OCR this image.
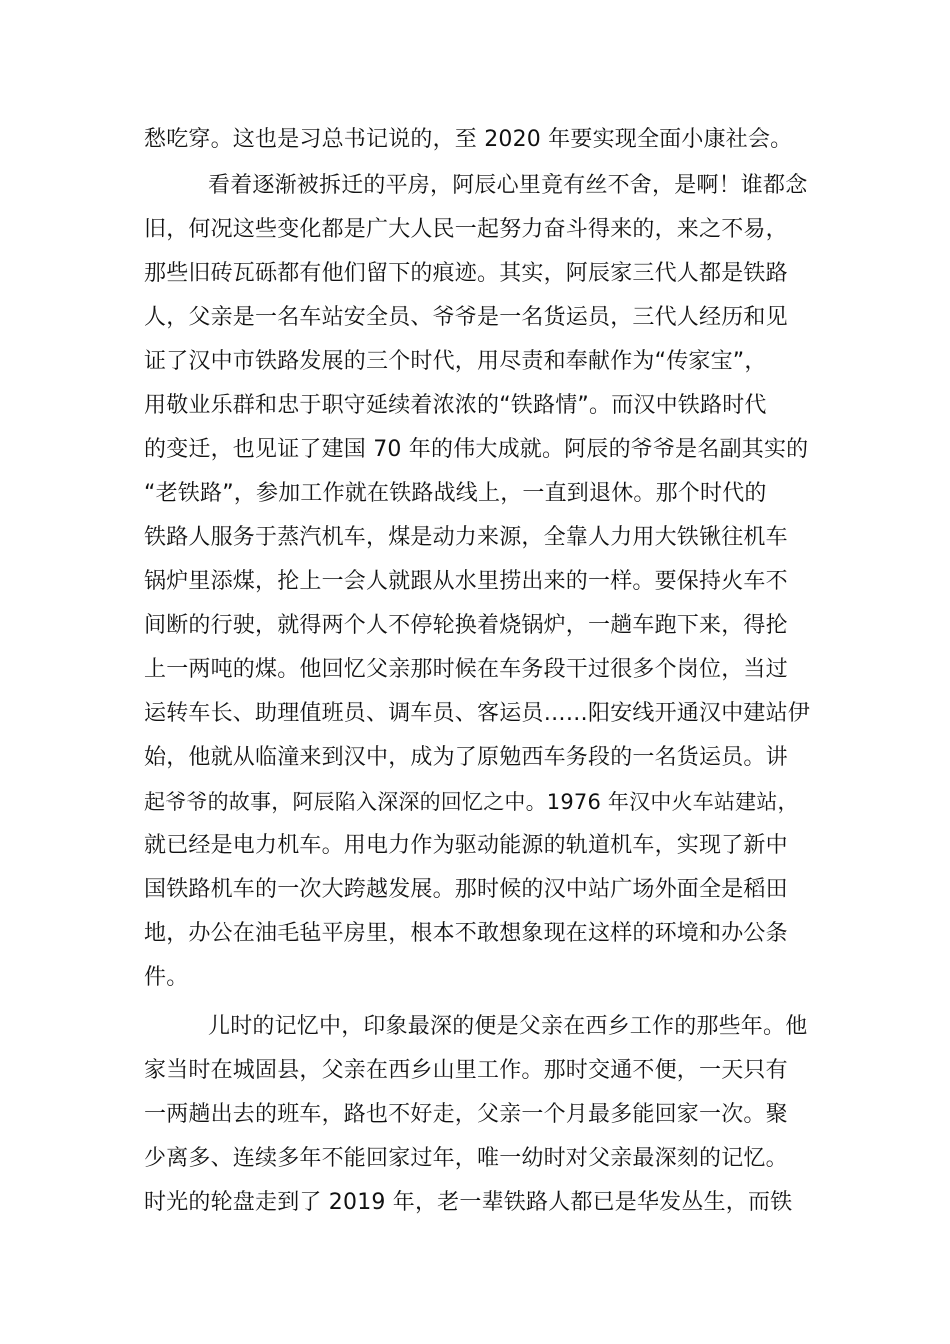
愁吃穿。这也是习总书记说的，至 2020 年要实现全面小康社会。
看着逐渐被拆迁的平房，阿辰心里竟有丝不舍，是啊！谁都念
旧，何况这些变化都是广大人民一起努力奋斗得来的，来之不易，
那些旧砖瓦砾都有他们留下的痕迹。其实，阿辰家三代人都是铁路
人，父亲是一名车站安全员、爷爷是一名货运员，三代人经历和见
证了汉中市铁路发展的三个时代，用尽责和奉献作为“传家宝”，
用敬业乐群和忠于职守延续着浓浓的“铁路情”。而汉中铁路时代
的变迁，也见证了建国 70 年的伟大成就。阿辰的爷爷是名副其实的
“老铁路”，参加工作就在铁路战线上，一直到退休。那个时代的
铁路人服务于蒸汽机车，煤是动力来源，全靠人力用大铁锹往机车
锅炉里添煤，抡上一会人就跟从水里捞出来的一样。要保持火车不
间断的行驶，就得两个人不停轮换着烧锅炉，一趟车跑下来，得抡
上一两吨的煤。他回忆父亲那时候在车务段干过很多个岗位，当过
运转车长、助理值班员、调车员、客运员……阳安线开通汉中建站伊
始，他就从临潼来到汉中，成为了原勉西车务段的一名货运员。讲
起爷爷的故事，阿辰陷入深深的回忆之中。1976 年汉中火车站建站，
就已经是电力机车。用电力作为驱动能源的轨道机车，实现了新中
国铁路机车的一次大跨越发展。那时候的汉中站广场外面全是稻田
地，办公在油毛毡平房里，根本不敢想象现在这样的环境和办公条
件。
儿时的记忆中，印象最深的便是父亲在西乡工作的那些年。他
家当时在城固县，父亲在西乡山里工作。那时交通不便，一天只有
一两趟出去的班车，路也不好走，父亲一个月最多能回家一次。聚
少离多、连续多年不能回家过年，唯一幼时对父亲最深刻的记忆。
时光的轮盘走到了 2019 年，老一辈铁路人都已是华发丛生，而铁
